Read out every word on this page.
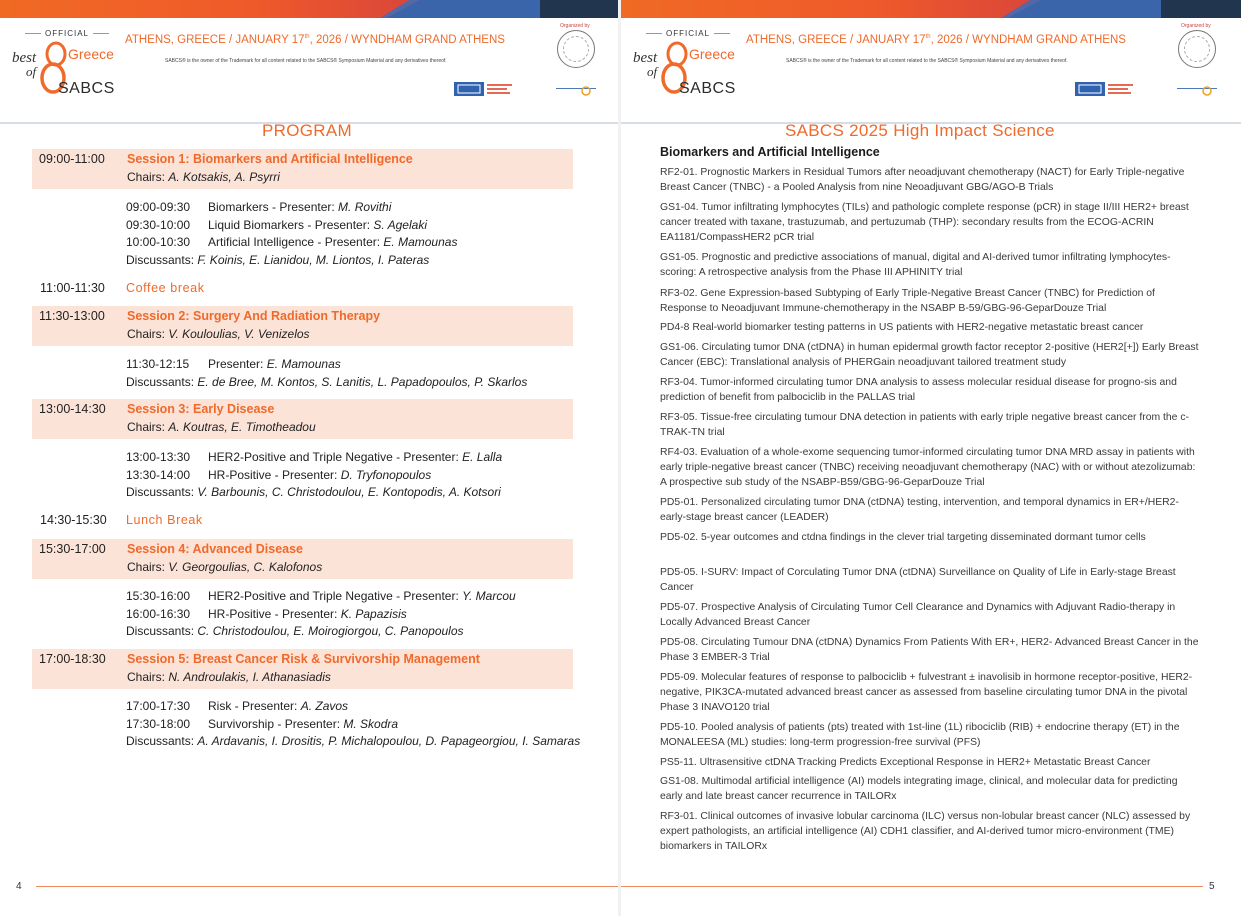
OFFICIAL
best
of
Greece
SABCS
ATHENS, GREECE / JANUARY 17th, 2026 / WYNDHAM GRAND ATHENS
SABCS® is the owner of the Trademark for all content related to the SABCS® Symposium Material and any derivatives thereof.
Organized by
PROGRAM
09:00-11:00 Session 1: Biomarkers and Artificial Intelligence
Chairs: A. Kotsakis, A. Psyrri
09:00-09:30 Biomarkers - Presenter: M. Rovithi
09:30-10:00 Liquid Biomarkers - Presenter: S. Agelaki
10:00-10:30 Artificial Intelligence - Presenter: E. Mamounas
Discussants: F. Koinis, E. Lianidou, M. Liontos, I. Pateras
11:00-11:30 Coffee break
11:30-13:00 Session 2: Surgery And Radiation Therapy
Chairs: V. Kouloulias, V. Venizelos
11:30-12:15 Presenter: E. Mamounas
Discussants: E. de Bree, M. Kontos, S. Lanitis, L. Papadopoulos, P. Skarlos
13:00-14:30 Session 3: Early Disease
Chairs: A. Koutras, E. Timotheadou
13:00-13:30 HER2-Positive and Triple Negative - Presenter: E. Lalla
13:30-14:00 HR-Positive - Presenter: D. Tryfonopoulos
Discussants: V. Barbounis, C. Christodoulou, E. Kontopodis, A. Kotsori
14:30-15:30 Lunch Break
15:30-17:00 Session 4: Advanced Disease
Chairs: V. Georgoulias, C. Kalofonos
15:30-16:00 HER2-Positive and Triple Negative - Presenter: Y. Marcou
16:00-16:30 HR-Positive - Presenter: K. Papazisis
Discussants: C. Christodoulou, E. Moirogiorgou, C. Panopoulos
17:00-18:30 Session 5: Breast Cancer Risk & Survivorship Management
Chairs: N. Androulakis, I. Athanasiadis
17:00-17:30 Risk - Presenter: A. Zavos
17:30-18:00 Survivorship - Presenter: M. Skodra
Discussants: A. Ardavanis, I. Drositis, P. Michalopoulou, D. Papageorgiou, I. Samaras
4
OFFICIAL
best
of
Greece
SABCS
ATHENS, GREECE / JANUARY 17th, 2026 / WYNDHAM GRAND ATHENS
SABCS® is the owner of the Trademark for all content related to the SABCS® Symposium Material and any derivatives thereof.
Organized by
SABCS 2025 High Impact Science
Biomarkers and Artificial Intelligence
RF2-01. Prognostic Markers in Residual Tumors after neoadjuvant chemotherapy (NACT) for Early Triple-negative Breast Cancer (TNBC) - a Pooled Analysis from nine Neoadjuvant GBG/AGO-B Trials
GS1-04. Tumor infiltrating lymphocytes (TILs) and pathologic complete response (pCR) in stage II/III HER2+ breast cancer treated with taxane, trastuzumab, and pertuzumab (THP): secondary results from the ECOG-ACRIN EA1181/CompassHER2 pCR trial
GS1-05. Prognostic and predictive associations of manual, digital and AI-derived tumor infiltrating lymphocytes-scoring: A retrospective analysis from the Phase III APHINITY trial
RF3-02. Gene Expression-based Subtyping of Early Triple-Negative Breast Cancer (TNBC) for Prediction of Response to Neoadjuvant Immune-chemotherapy in the NSABP B-59/GBG-96-GeparDouze Trial
PD4-8 Real-world biomarker testing patterns in US patients with HER2-negative metastatic breast cancer
GS1-06. Circulating tumor DNA (ctDNA) in human epidermal growth factor receptor 2-positive (HER2[+]) Early Breast Cancer (EBC): Translational analysis of PHERGain neoadjuvant tailored treatment study
RF3-04. Tumor-informed circulating tumor DNA analysis to assess molecular residual disease for progno-sis and prediction of benefit from palbociclib in the PALLAS trial
RF3-05. Tissue-free circulating tumour DNA detection in patients with early triple negative breast cancer from the c-TRAK-TN trial
RF4-03. Evaluation of a whole-exome sequencing tumor-informed circulating tumor DNA MRD assay in patients with early triple-negative breast cancer (TNBC) receiving neoadjuvant chemotherapy (NAC) with or without atezolizumab: A prospective sub study of the NSABP-B59/GBG-96-GeparDouze Trial
PD5-01. Personalized circulating tumor DNA (ctDNA) testing, intervention, and temporal dynamics in ER+/HER2- early-stage breast cancer (LEADER)
PD5-02. 5-year outcomes and ctdna findings in the clever trial targeting disseminated dormant tumor cells
PD5-05. I-SURV: Impact of Corculating Tumor DNA (ctDNA) Surveillance on Quality of Life in Early-stage Breast Cancer
PD5-07. Prospective Analysis of Circulating Tumor Cell Clearance and Dynamics with Adjuvant Radio-therapy in Locally Advanced Breast Cancer
PD5-08. Circulating Tumour DNA (ctDNA) Dynamics From Patients With ER+, HER2- Advanced Breast Cancer in the Phase 3 EMBER-3 Trial
PD5-09. Molecular features of response to palbociclib + fulvestrant ± inavolisib in hormone receptor-positive, HER2-negative, PIK3CA-mutated advanced breast cancer as assessed from baseline circulating tumor DNA in the pivotal Phase 3 INAVO120 trial
PD5-10. Pooled analysis of patients (pts) treated with 1st-line (1L) ribociclib (RIB) + endocrine therapy (ET) in the MONALEESA (ML) studies: long-term progression-free survival (PFS)
PS5-11. Ultrasensitive ctDNA Tracking Predicts Exceptional Response in HER2+ Metastatic Breast Cancer
GS1-08. Multimodal artificial intelligence (AI) models integrating image, clinical, and molecular data for predicting early and late breast cancer recurrence in TAILORx
RF3-01. Clinical outcomes of invasive lobular carcinoma (ILC) versus non-lobular breast cancer (NLC) assessed by expert pathologists, an artificial intelligence (AI) CDH1 classifier, and AI-derived tumor micro-environment (TME) biomarkers in TAILORx
5
